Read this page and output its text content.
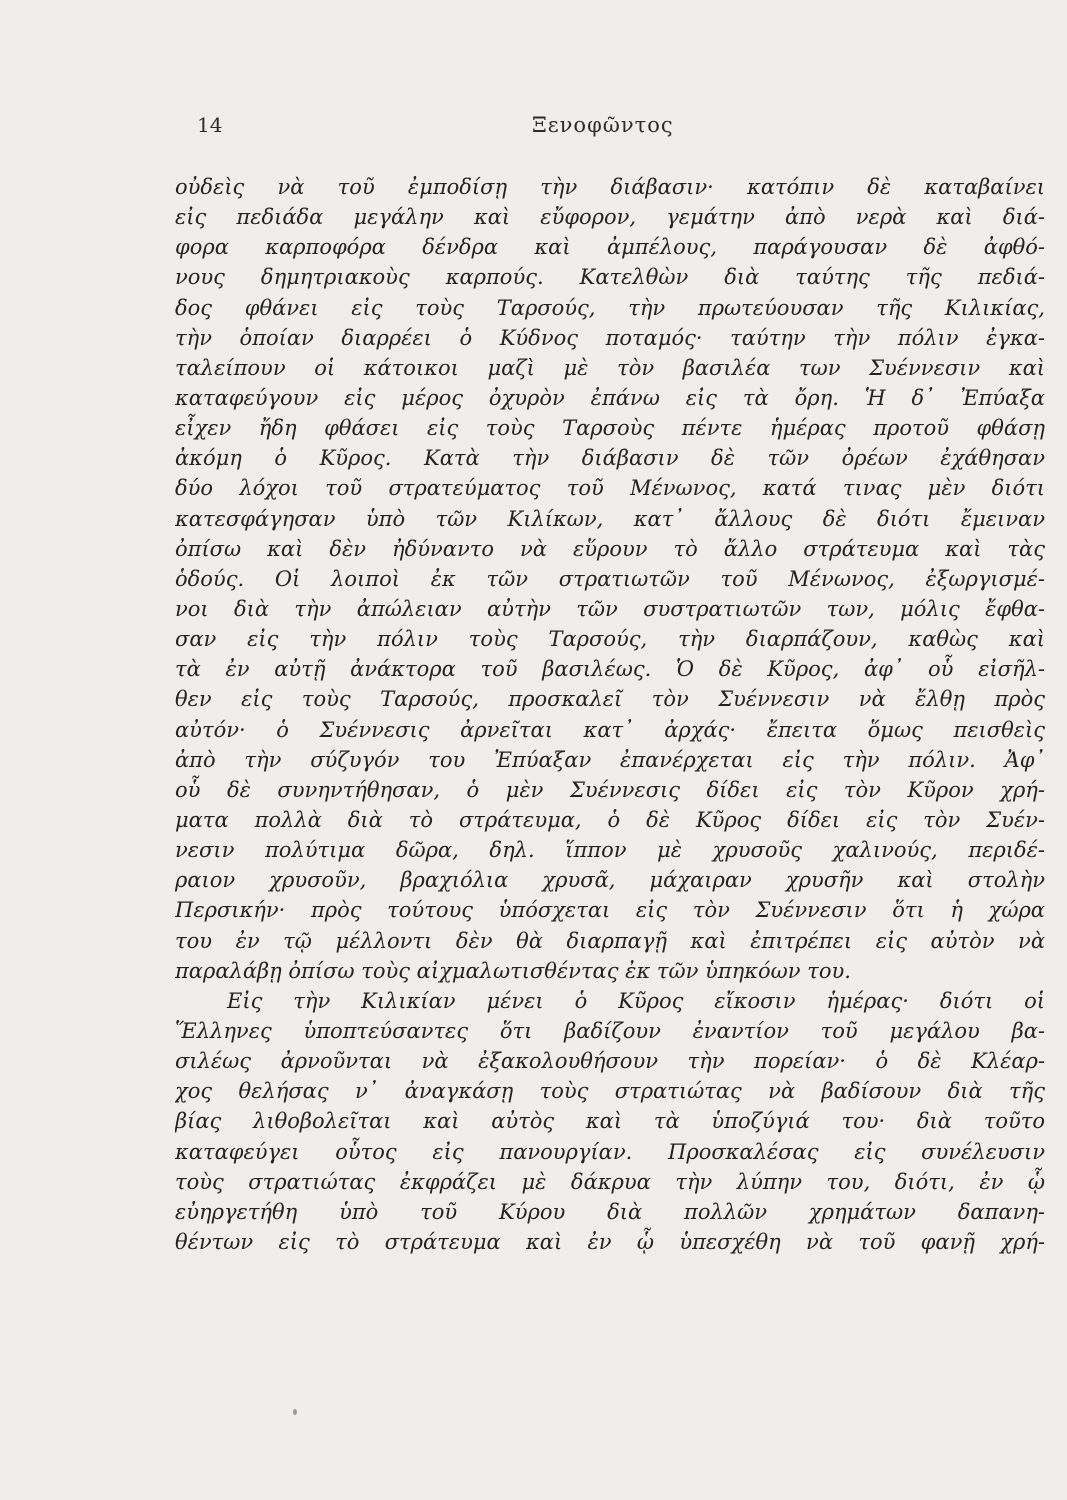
14	Ξενοφῶντος
οὐδεὶς νὰ τοῦ ἐμποδίσῃ τὴν διάβασιν· κατόπιν δὲ καταβαίνει
εἰς πεδιάδα μεγάλην καὶ εὔφορον, γεμάτην ἀπὸ νερὰ καὶ διά-
φορα καρποφόρα δένδρα καὶ ἀμπέλους, παράγουσαν δὲ ἀφθό-
νους δημητριακοὺς καρπούς. Κατελθὼν διὰ ταύτης τῆς πεδιά-
δος φθάνει εἰς τοὺς Ταρσούς, τὴν πρωτεύουσαν τῆς Κιλικίας,
τὴν ὁποίαν διαρρέει ὁ Κύδνος ποταμός· ταύτην τὴν πόλιν ἐγκα-
ταλείπουν οἱ κάτοικοι μαζὶ μὲ τὸν βασιλέα των Συέννεσιν καὶ
καταφεύγουν εἰς μέρος ὀχυρὸν ἐπάνω εἰς τὰ ὄρη. Ἡ δ᾽ Ἐπύαξα
εἶχεν ἤδη φθάσει εἰς τοὺς Ταρσοὺς πέντε ἡμέρας προτοῦ φθάσῃ
ἀκόμη ὁ Κῦρος. Κατὰ τὴν διάβασιν δὲ τῶν ὀρέων ἐχάθησαν
δύο λόχοι τοῦ στρατεύματος τοῦ Μένωνος, κατά τινας μὲν διότι
κατεσφάγησαν ὑπὸ τῶν Κιλίκων, κατ᾽ ἄλλους δὲ διότι ἔμειναν
ὀπίσω καὶ δὲν ἠδύναντο νὰ εὕρουν τὸ ἄλλο στράτευμα καὶ τὰς
ὁδούς. Οἱ λοιποὶ ἐκ τῶν στρατιωτῶν τοῦ Μένωνος, ἐξωργισμέ-
νοι διὰ τὴν ἀπώλειαν αὐτὴν τῶν συστρατιωτῶν των, μόλις ἔφθα-
σαν εἰς τὴν πόλιν τοὺς Ταρσούς, τὴν διαρπάζουν, καθὼς καὶ
τὰ ἐν αὐτῇ ἀνάκτορα τοῦ βασιλέως. Ὁ δὲ Κῦρος, ἀφ᾽ οὗ εἰσῆλ-
θεν εἰς τοὺς Ταρσούς, προσκαλεῖ τὸν Συέννεσιν νὰ ἔλθῃ πρὸς
αὐτόν· ὁ Συέννεσις ἀρνεῖται κατ᾽ ἀρχάς· ἔπειτα ὅμως πεισθεὶς
ἀπὸ τὴν σύζυγόν του Ἐπύαξαν ἐπανέρχεται εἰς τὴν πόλιν. Ἀφ᾽
οὗ δὲ συνηντήθησαν, ὁ μὲν Συέννεσις δίδει εἰς τὸν Κῦρον χρή-
ματα πολλὰ διὰ τὸ στράτευμα, ὁ δὲ Κῦρος δίδει εἰς τὸν Συέν-
νεσιν πολύτιμα δῶρα, δηλ. ἵππον μὲ χρυσοῦς χαλινούς, περιδέ-
ραιον χρυσοῦν, βραχιόλια χρυσᾶ, μάχαιραν χρυσῆν καὶ στολὴν
Περσικήν· πρὸς τούτους ὑπόσχεται εἰς τὸν Συέννεσιν ὅτι ἡ χώρα
του ἐν τῷ μέλλοντι δὲν θὰ διαρπαγῇ καὶ ἐπιτρέπει εἰς αὐτὸν νὰ
παραλάβῃ ὀπίσω τοὺς αἰχμαλωτισθέντας ἐκ τῶν ὑπηκόων του.
Εἰς τὴν Κιλικίαν μένει ὁ Κῦρος εἴκοσιν ἡμέρας· διότι οἱ
Ἕλληνες ὑποπτεύσαντες ὅτι βαδίζουν ἐναντίον τοῦ μεγάλου βα-
σιλέως ἀρνοῦνται νὰ ἐξακολουθήσουν τὴν πορείαν· ὁ δὲ Κλέαρ-
χος θελήσας ν᾽ ἀναγκάσῃ τοὺς στρατιώτας νὰ βαδίσουν διὰ τῆς
βίας λιθοβολεῖται καὶ αὐτὸς καὶ τὰ ὑποζύγιά του· διὰ τοῦτο
καταφεύγει οὗτος εἰς πανουργίαν. Προσκαλέσας εἰς συνέλευσιν
τοὺς στρατιώτας ἐκφράζει μὲ δάκρυα τὴν λύπην του, διότι, ἐν ᾧ
εὐηργετήθη ὑπὸ τοῦ Κύρου διὰ πολλῶν χρημάτων δαπανη-
θέντων εἰς τὸ στράτευμα καὶ ἐν ᾧ ὑπεσχέθη νὰ τοῦ φανῇ χρή-
